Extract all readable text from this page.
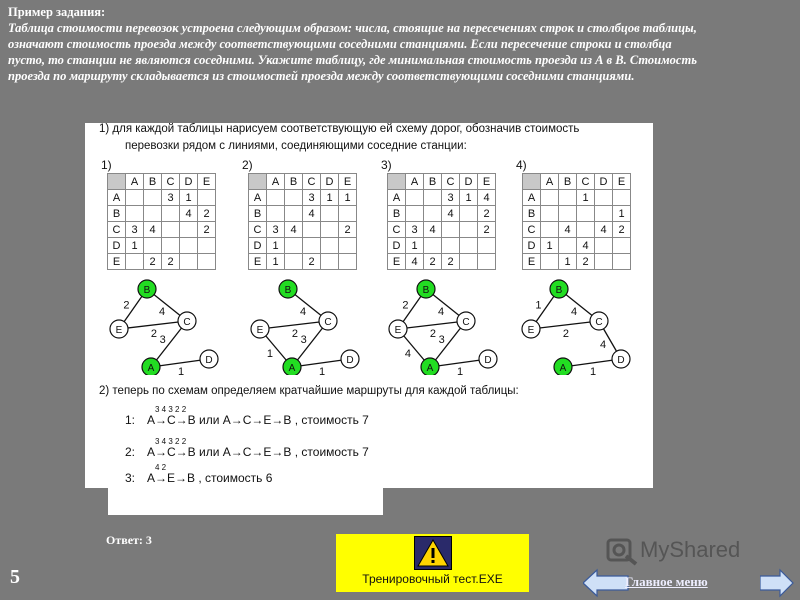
Пример задания:
Таблица стоимости перевозок устроена следующим образом: числа, стоящие на пересечениях строк и столбцов таблицы, означают стоимость проезда между соответствующими соседними станциями. Если пересечение строки и столбца пусто, то станции не являются соседними. Укажите таблицу, где минимальная стоимость проезда из А в В. Стоимость проезда по маршруту складывается из стоимостей проезда между соответствующими соседними станциями.
1) для каждой таблицы нарисуем соответствующую ей схему дорог, обозначив стоимость
перевозки рядом с линиями, соединяющими соседние станции:
1)
	A	B	C	D	E
A			3	1	
B				4	2
C	3	4			2
D	1				
E		2	2		
2)
	A	B	C	D	E
A			3	1	1
B			4		
C	3	4			2
D	1				
E	1		2		
3)
	A	B	C	D	E
A			3	1	4
B			4		2
C	3	4			2
D	1				
E	4	2	2		
4)
	A	B	C	D	E
A			1		
B					1
C		4		4	2
D	1		4		
E		1	2		
2
4
2
3
1
B
E
C
A
D
4
2
1
3
1
B
E
C
A
D
2
4
2
4
3
1
B
E
C
A
D
1
4
2
4
1
B
E
C
A
D
2) теперь по схемам определяем кратчайшие маршруты для каждой таблицы:
3 4 3 2 2
1: A→C→B или A→C→E→B , стоимость 7
3 4 3 2 2
2: A→C→B или A→C→E→B , стоимость 7
4 2
3: A→E→B , стоимость 6
Ответ: 3
5	Тренировочный тест.EXE
MyShared
Главное меню
